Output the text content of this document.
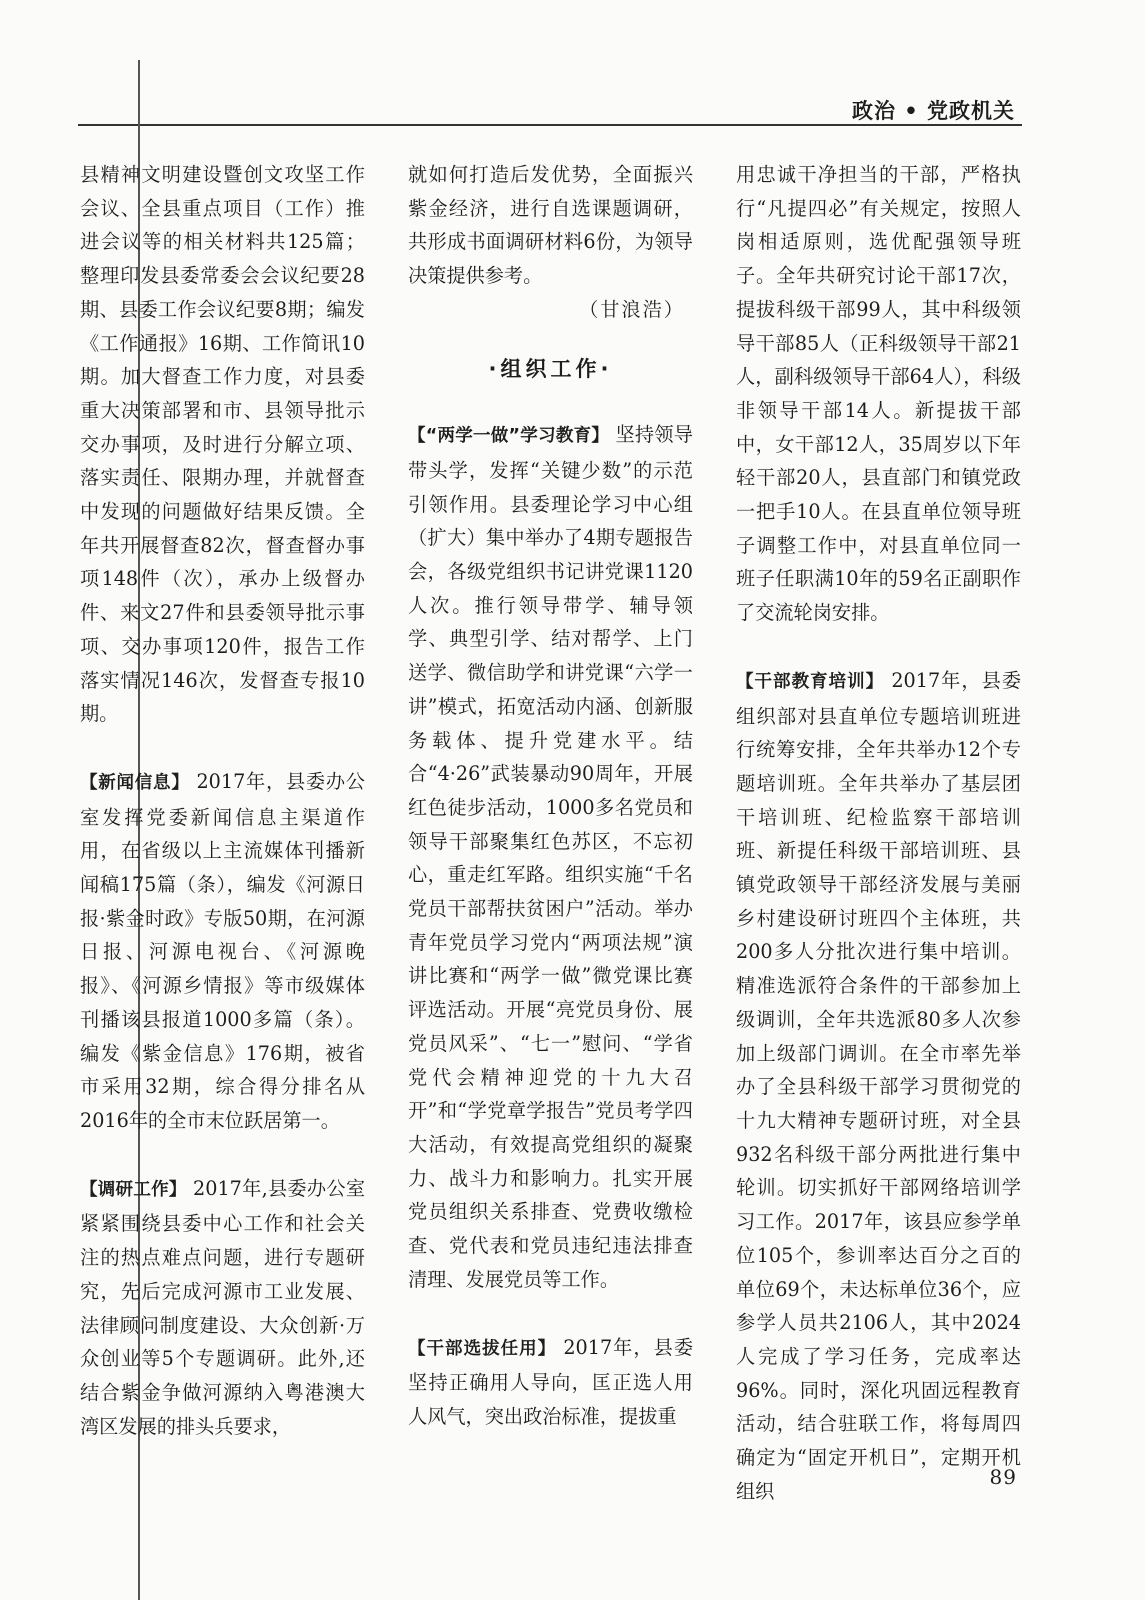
政治 • 党政机关

县精神文明建设暨创文攻坚工作会议、全县重点项目（工作）推进会议等的相关材料共125篇；整理印发县委常委会会议纪要28期、县委工作会议纪要8期；编发《工作通报》16期、工作简讯10期。加大督查工作力度，对县委重大决策部署和市、县领导批示交办事项，及时进行分解立项、落实责任、限期办理，并就督查中发现的问题做好结果反馈。全年共开展督查82次，督查督办事项148件（次），承办上级督办件、来文27件和县委领导批示事项、交办事项120件，报告工作落实情况146次，发督查专报10期。

【新闻信息】 2017年，县委办公室发挥党委新闻信息主渠道作用，在省级以上主流媒体刊播新闻稿175篇（条），编发《河源日报·紫金时政》专版50期，在河源日报、河源电视台、《河源晚报》、《河源乡情报》等市级媒体刊播该县报道1000多篇（条）。编发《紫金信息》176期，被省市采用32期，综合得分排名从2016年的全市末位跃居第一。

【调研工作】 2017年,县委办公室紧紧围绕县委中心工作和社会关注的热点难点问题，进行专题研究，先后完成河源市工业发展、法律顾问制度建设、大众创新·万众创业等5个专题调研。此外,还结合紫金争做河源纳入粤港澳大湾区发展的排头兵要求，

就如何打造后发优势，全面振兴紫金经济，进行自选课题调研，共形成书面调研材料6份，为领导决策提供参考。

（甘浪浩）

·组织工作·

【“两学一做”学习教育】 坚持领导带头学，发挥“关键少数”的示范引领作用。县委理论学习中心组（扩大）集中举办了4期专题报告会，各级党组织书记讲党课1120人次。推行领导带学、辅导领学、典型引学、结对帮学、上门送学、微信助学和讲党课“六学一讲”模式，拓宽活动内涵、创新服务载体、提升党建水平。结合“4·26”武装暴动90周年，开展红色徒步活动，1000多名党员和领导干部聚集红色苏区，不忘初心，重走红军路。组织实施“千名党员干部帮扶贫困户”活动。举办青年党员学习党内“两项法规”演讲比赛和“两学一做”微党课比赛评选活动。开展“亮党员身份、展党员风采”、“七一”慰问、“学省党代会精神迎党的十九大召开”和“学党章学报告”党员考学四大活动，有效提高党组织的凝聚力、战斗力和影响力。扎实开展党员组织关系排查、党费收缴检查、党代表和党员违纪违法排查清理、发展党员等工作。

【干部选拔任用】 2017年，县委坚持正确用人导向，匡正选人用人风气，突出政治标准，提拔重

用忠诚干净担当的干部，严格执行“凡提四必”有关规定，按照人岗相适原则，选优配强领导班子。全年共研究讨论干部17次，提拔科级干部99人，其中科级领导干部85人（正科级领导干部21人，副科级领导干部64人），科级非领导干部14人。新提拔干部中，女干部12人，35周岁以下年轻干部20人，县直部门和镇党政一把手10人。在县直单位领导班子调整工作中，对县直单位同一班子任职满10年的59名正副职作了交流轮岗安排。

【干部教育培训】 2017年，县委组织部对县直单位专题培训班进行统筹安排，全年共举办12个专题培训班。全年共举办了基层团干培训班、纪检监察干部培训班、新提任科级干部培训班、县镇党政领导干部经济发展与美丽乡村建设研讨班四个主体班，共200多人分批次进行集中培训。精准选派符合条件的干部参加上级调训，全年共选派80多人次参加上级部门调训。在全市率先举办了全县科级干部学习贯彻党的十九大精神专题研讨班，对全县932名科级干部分两批进行集中轮训。切实抓好干部网络培训学习工作。2017年，该县应参学单位105个，参训率达百分之百的单位69个，未达标单位36个，应参学人员共2106人，其中2024人完成了学习任务，完成率达96%。同时，深化巩固远程教育活动，结合驻联工作，将每周四确定为“固定开机日”，定期开机组织

89
